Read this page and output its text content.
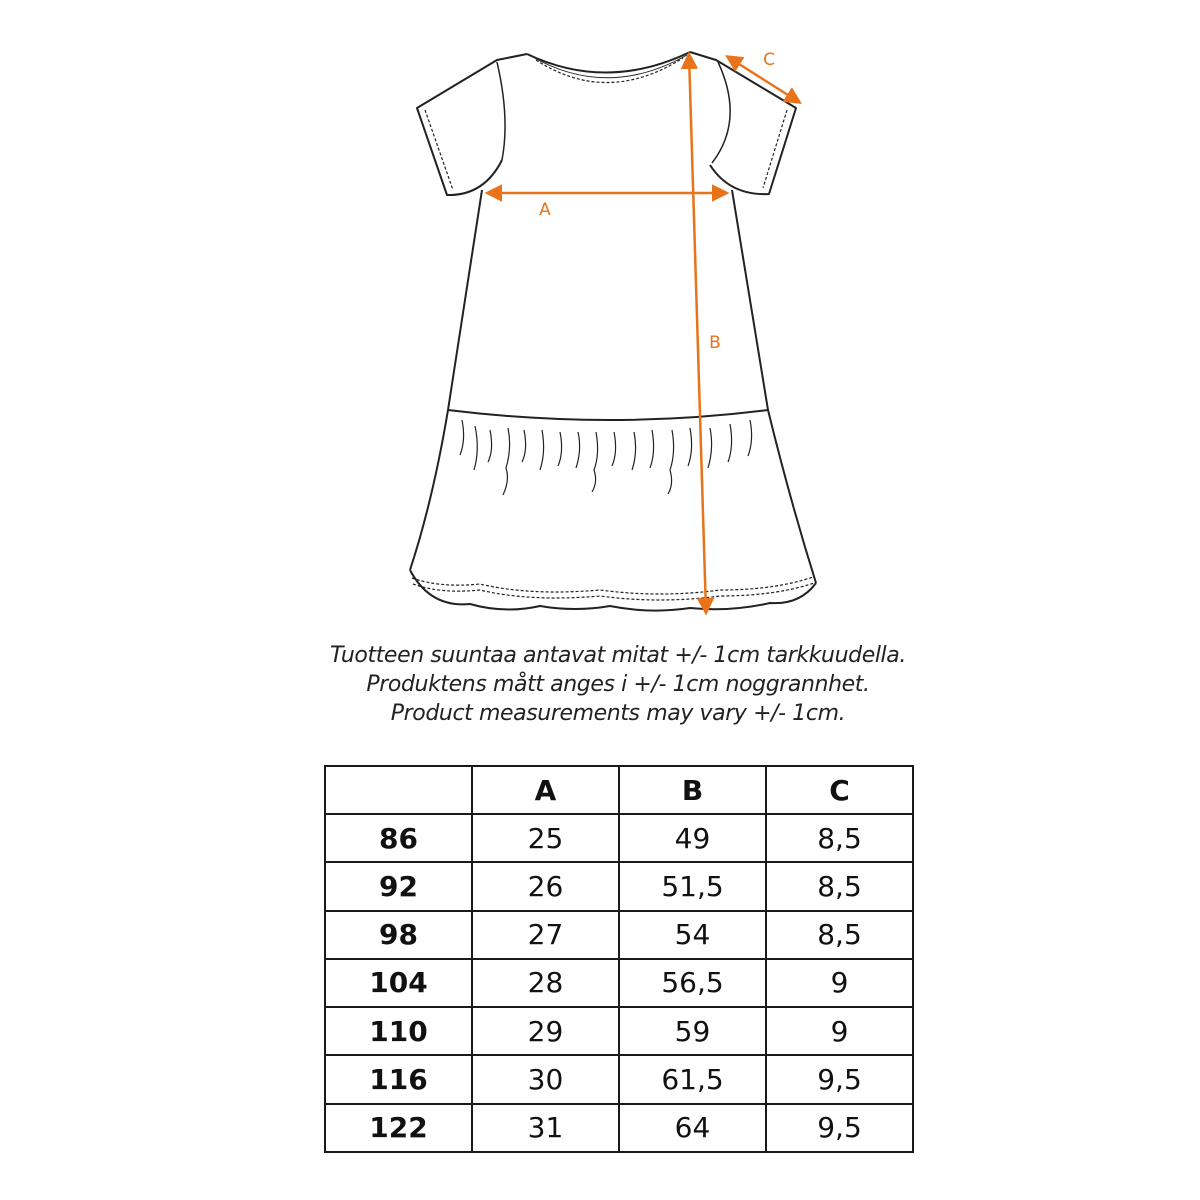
A
B
C
Tuotteen suuntaa antavat mitat +/- 1cm tarkkuudella.
Produktens mått anges i +/- 1cm noggrannhet.
Product measurements may vary +/- 1cm.
	A	B	C
86	25	49	8,5
92	26	51,5	8,5
98	27	54	8,5
104	28	56,5	9
110	29	59	9
116	30	61,5	9,5
122	31	64	9,5
